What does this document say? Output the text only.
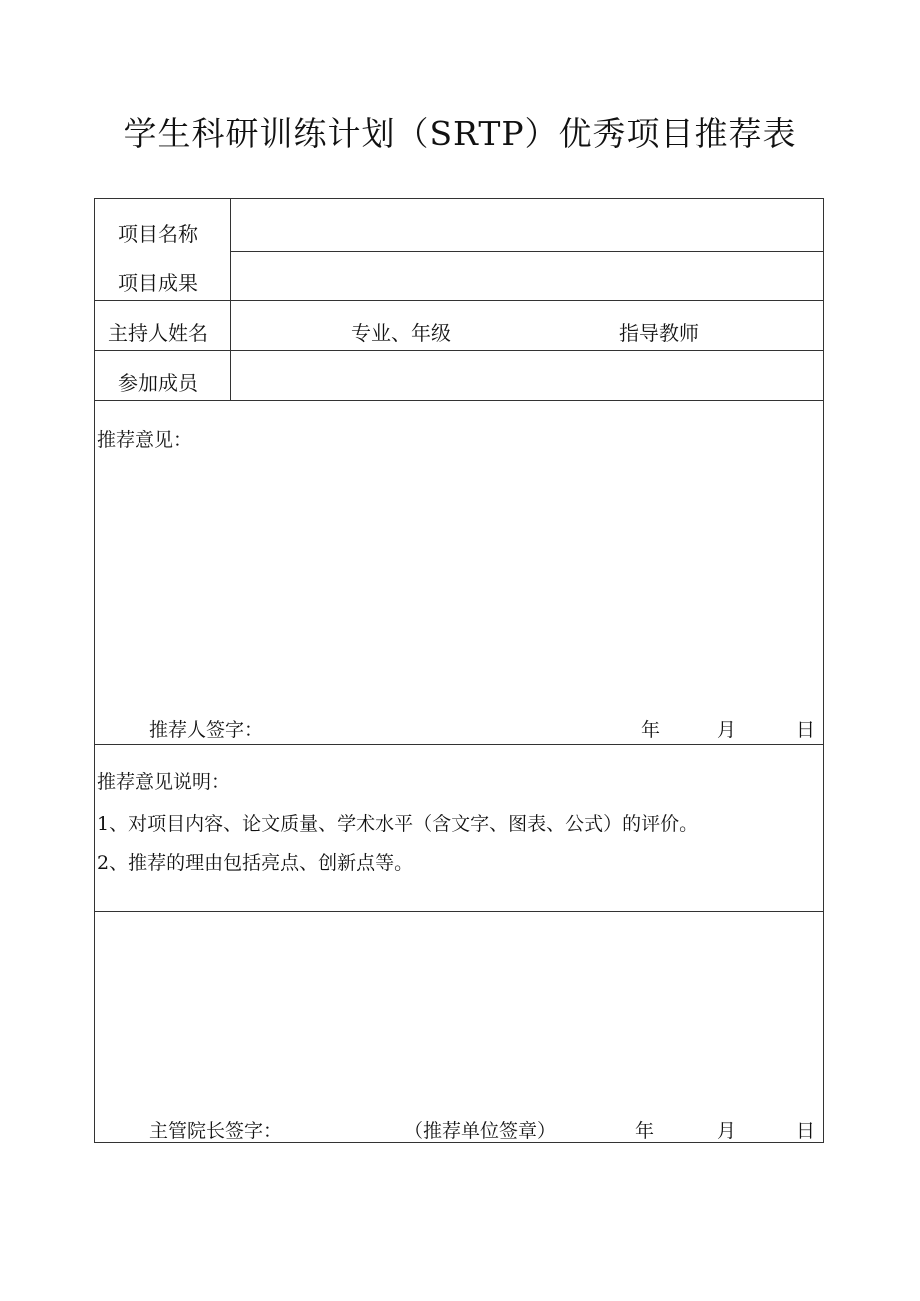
学生科研训练计划（SRTP）优秀项目推荐表
项目名称
项目成果
主持人姓名	专业、年级	指导教师
参加成员
推荐意见：
推荐人签字：	年	月	日
推荐意见说明：
1、对项目内容、论文质量、学术水平（含文字、图表、公式）的评价。
2、推荐的理由包括亮点、创新点等。
主管院长签字：	（推荐单位签章）	年	月	日
